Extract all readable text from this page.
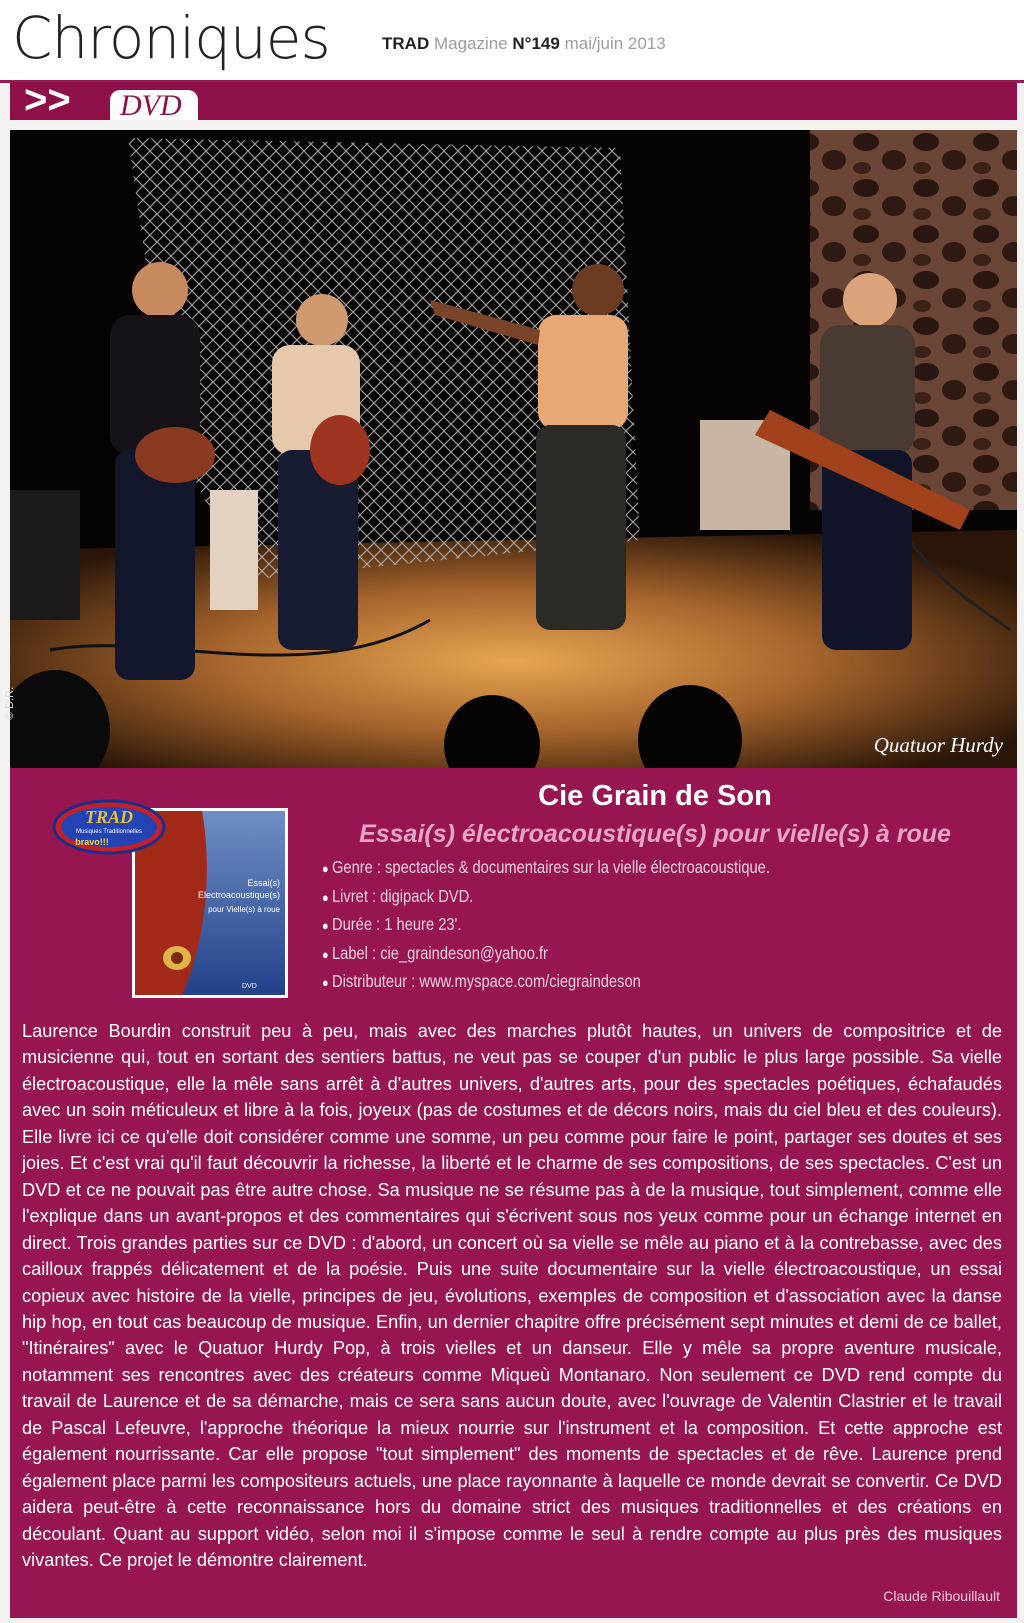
Chroniques	TRAD Magazine N°149 mai/juin 2013
>> DVD
Quatuor Hurdy
© D.R.
Essai(s)
Electroacoustique(s)
pour Vielle(s) à roue
DVD
TRAD
Musiques Traditionnelles
bravo!!!
Cie Grain de Son
Essai(s) électroacoustique(s) pour vielle(s) à roue
● Genre : spectacles & documentaires sur la vielle électroacoustique.
● Livret : digipack DVD.
● Durée : 1 heure 23'.
● Label : cie_graindeson@yahoo.fr
● Distributeur : www.myspace.com/ciegraindeson

Laurence Bourdin construit peu à peu, mais avec des marches plutôt hautes, un univers de compositrice et de musicienne qui, tout en sortant des sentiers battus, ne veut pas se couper d'un public le plus large possible. Sa vielle électroacoustique, elle la mêle sans arrêt à d'autres univers, d'autres arts, pour des spectacles poétiques, échafaudés avec un soin méticuleux et libre à la fois, joyeux (pas de costumes et de décors noirs, mais du ciel bleu et des couleurs). Elle livre ici ce qu'elle doit considérer comme une somme, un peu comme pour faire le point, partager ses doutes et ses joies. Et c'est vrai qu'il faut découvrir la richesse, la liberté et le charme de ses compositions, de ses spectacles. C'est un DVD et ce ne pouvait pas être autre chose. Sa musique ne se résume pas à de la musique, tout simplement, comme elle l'explique dans un avant-propos et des commentaires qui s'écrivent sous nos yeux comme pour un échange internet en direct. Trois grandes parties sur ce DVD : d'abord, un concert où sa vielle se mêle au piano et à la contrebasse, avec des cailloux frappés délicatement et de la poésie. Puis une suite documentaire sur la vielle électroacoustique, un essai copieux avec histoire de la vielle, principes de jeu, évolutions, exemples de composition et d'association avec la danse hip hop, en tout cas beaucoup de musique. Enfin, un dernier chapitre offre précisément sept minutes et demi de ce ballet, "Itinéraires" avec le Quatuor Hurdy Pop, à trois vielles et un danseur. Elle y mêle sa propre aventure musicale, notamment ses rencontres avec des créateurs comme Miqueù Montanaro. Non seulement ce DVD rend compte du travail de Laurence et de sa démarche, mais ce sera sans aucun doute, avec l'ouvrage de Valentin Clastrier et le travail de Pascal Lefeuvre, l'approche théorique la mieux nourrie sur l'instrument et la composition. Et cette approche est également nourrissante. Car elle propose "tout simplement" des moments de spectacles et de rêve. Laurence prend également place parmi les compositeurs actuels, une place rayonnante à laquelle ce monde devrait se convertir. Ce DVD aidera peut-être à cette reconnaissance hors du domaine strict des musiques traditionnelles et des créations en découlant. Quant au support vidéo, selon moi il s'impose comme le seul à rendre compte au plus près des musiques vivantes. Ce projet le démontre clairement.

Claude Ribouillault
